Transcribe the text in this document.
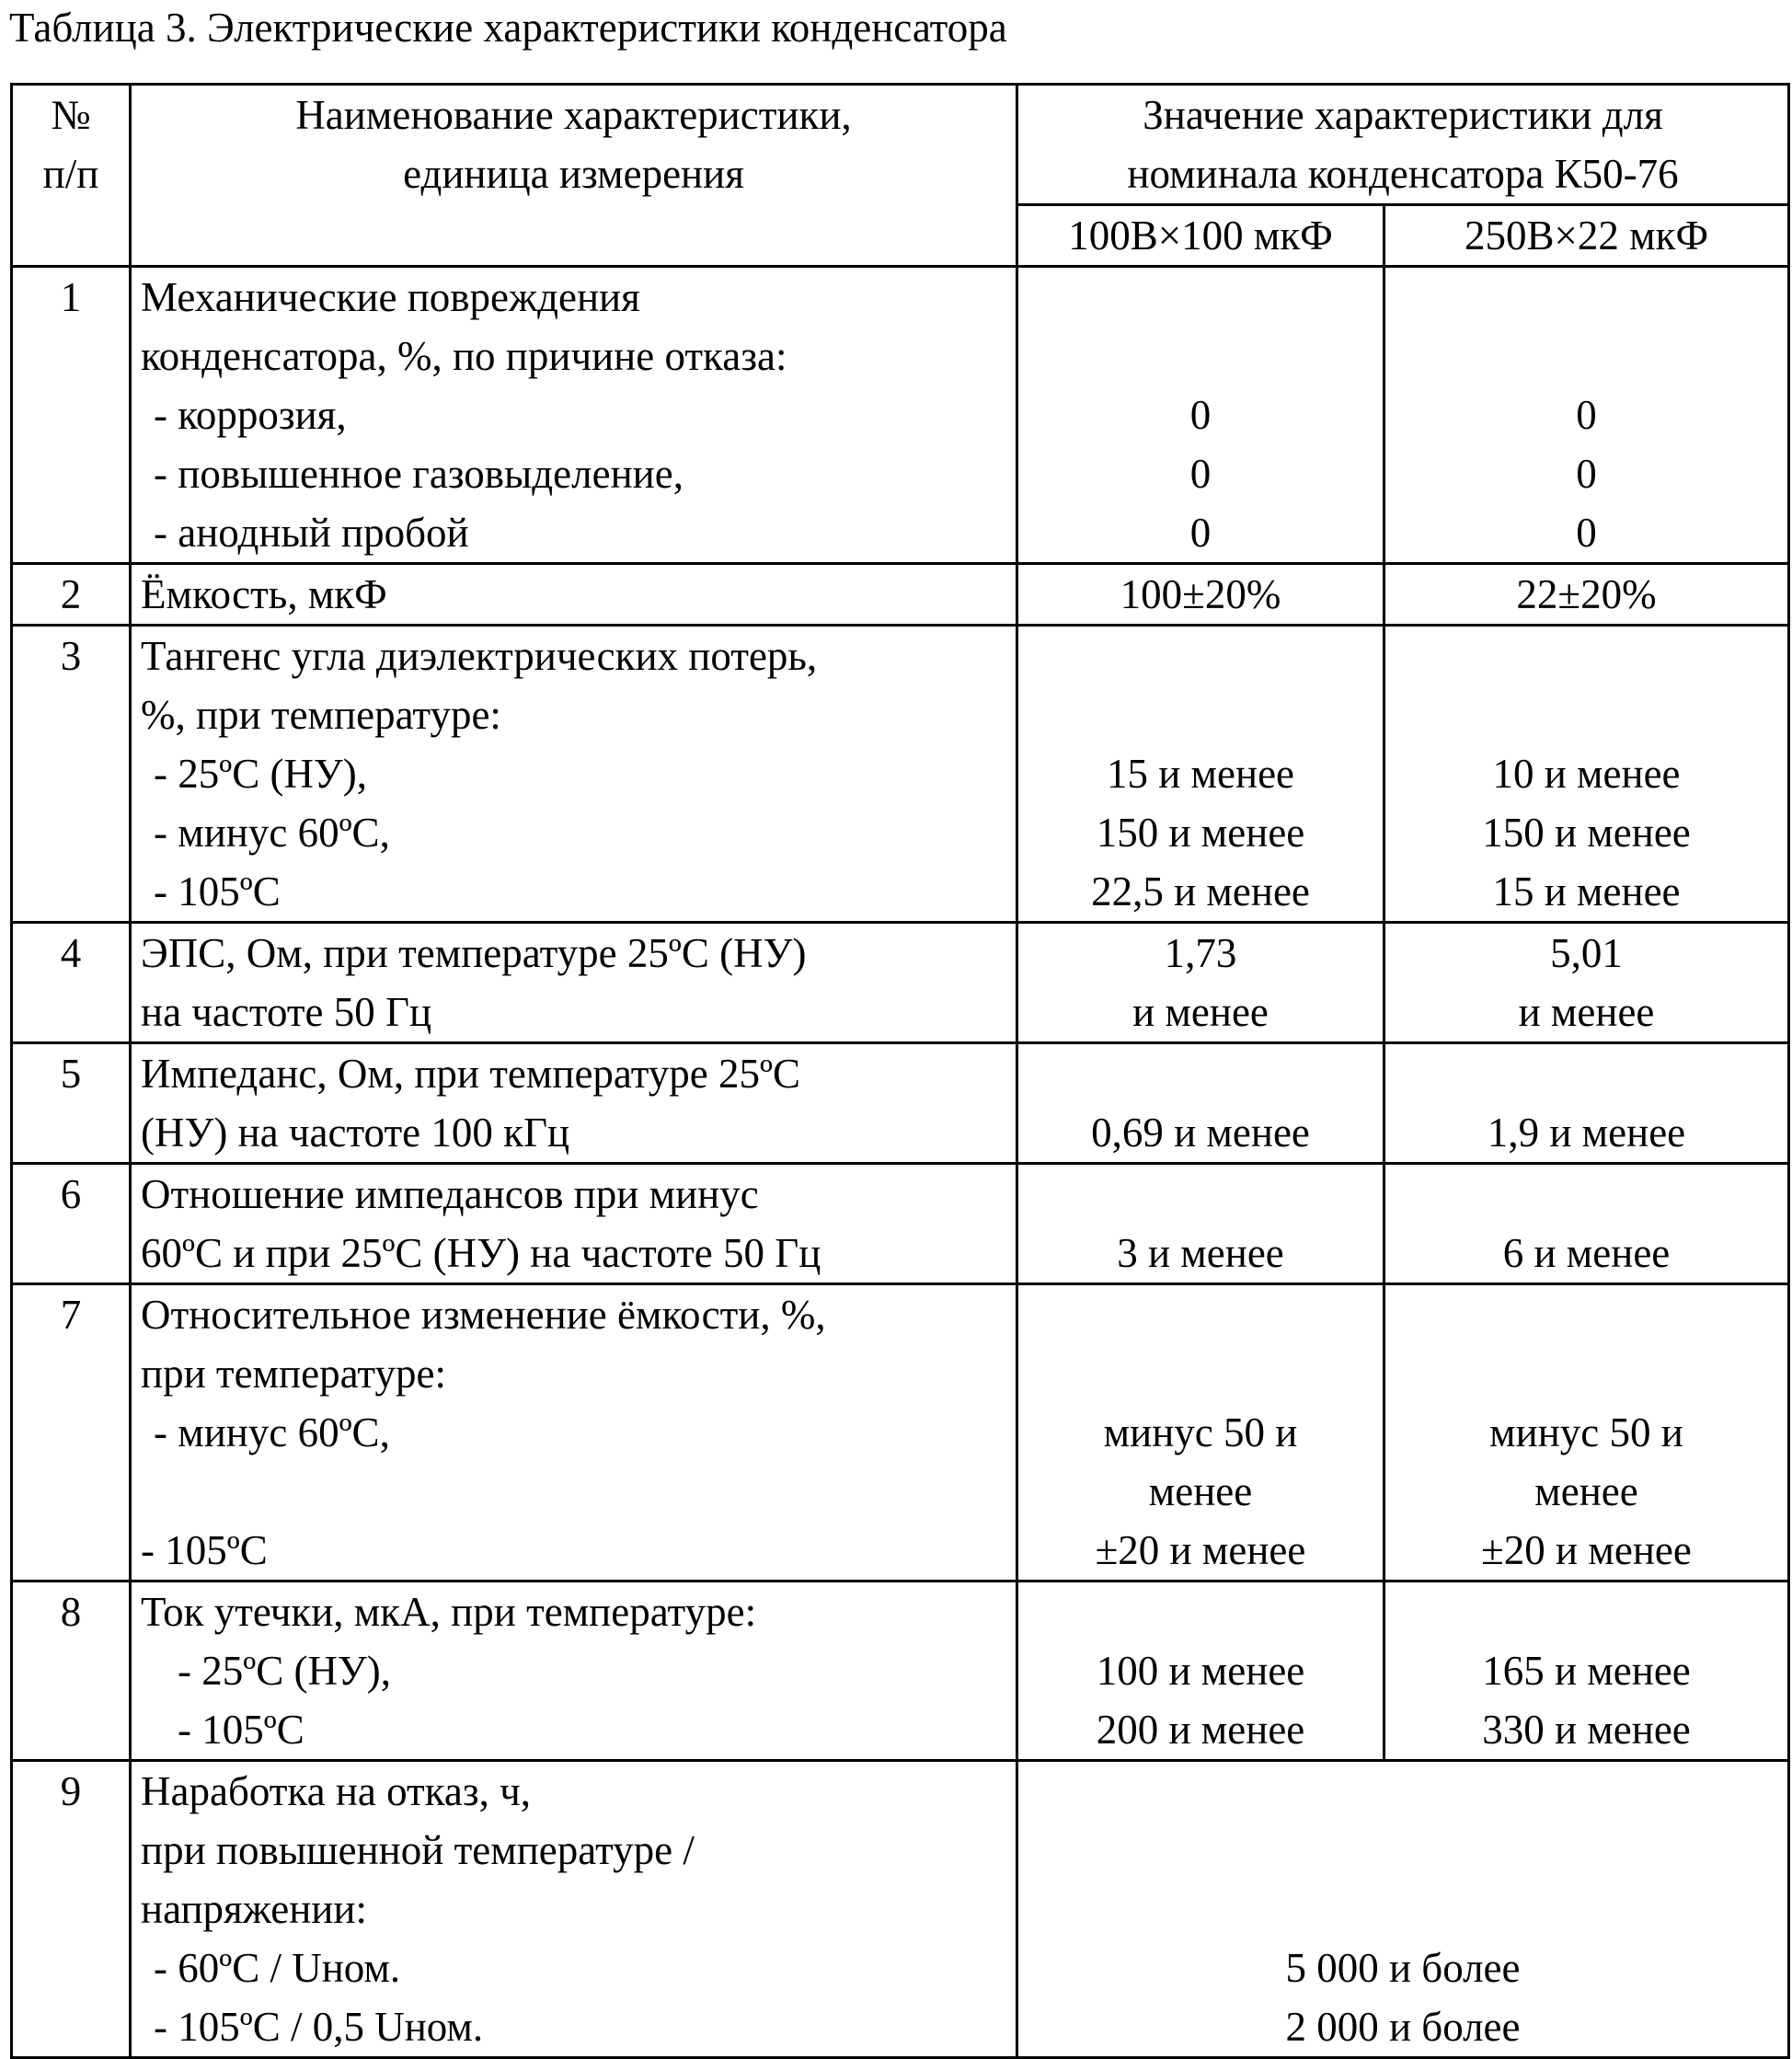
Таблица 3. Электрические характеристики конденсатора
№
п/п

Наименование характеристики,
единица измерения

Значение характеристики для
номинала конденсатора К50-76

100В×100 мкФ	250В×22 мкФ

1	Механические повреждения
конденсатора, %, по причине отказа:
- коррозия,
- повышенное газовыделение,
- анодный пробой

0
0
0

0
0
0

2	Ёмкость, мкФ	100±20%	22±20%

3	Тангенс угла диэлектрических потерь,
%, при температуре:
- 25ºС (НУ),
- минус 60ºС,
- 105ºС

15 и менее
150 и менее
22,5 и менее

10 и менее
150 и менее
15 и менее

4	ЭПС, Ом, при температуре 25ºС (НУ)
на частоте 50 Гц

1,73
и менее

5,01
и менее

5	Импеданс, Ом, при температуре 25ºС
(НУ) на частоте 100 кГц	0,69 и менее	1,9 и менее

6	Отношение импедансов при минус
60ºС и при 25ºС (НУ) на частоте 50 Гц	3 и менее	6 и менее

7	Относительное изменение ёмкости, %,
при температуре:
- минус 60ºС,
- 105ºС

минус 50 и
менее
±20 и менее

минус 50 и
менее
±20 и менее

8	Ток утечки, мкА, при температуре:
- 25ºС (НУ),
- 105ºС

100 и менее
200 и менее

165 и менее
330 и менее

9	Наработка на отказ, ч,
при повышенной температуре /
напряжении:
- 60ºС / Uном.
- 105ºС / 0,5 Uном.

5 000 и более
2 000 и более
